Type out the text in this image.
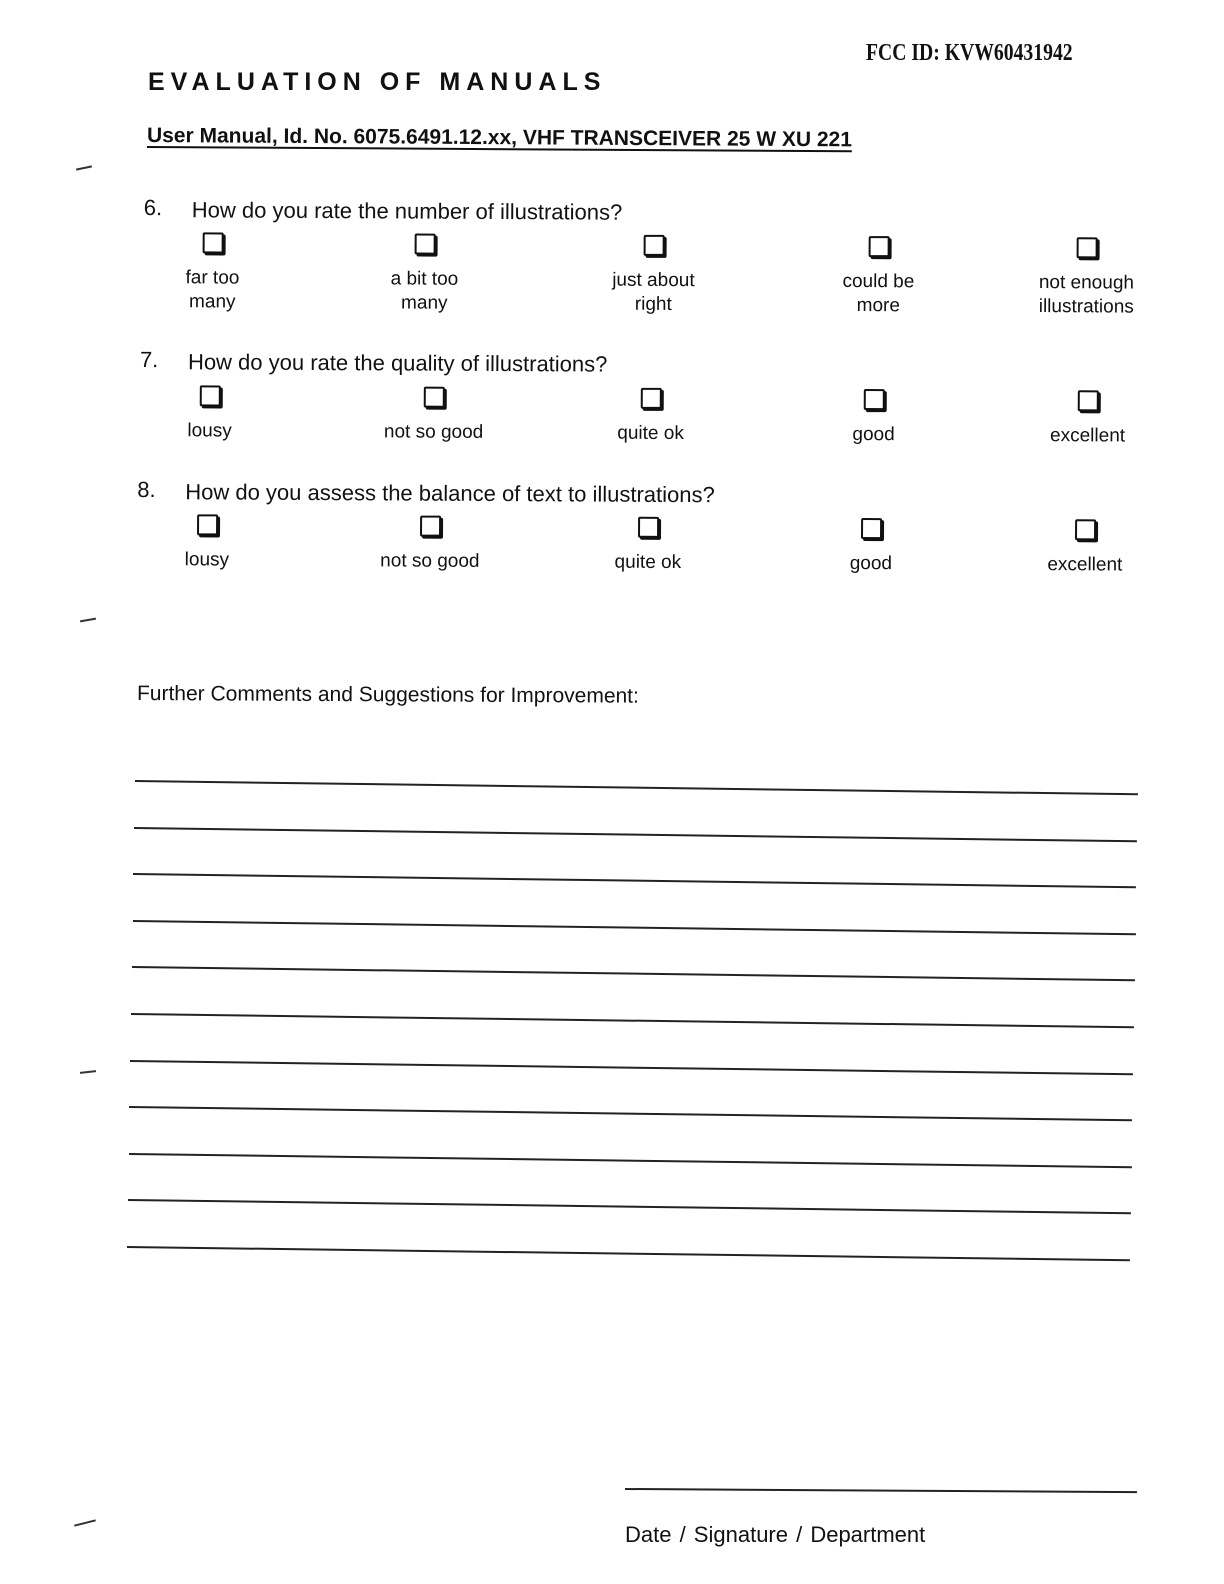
FCC ID: KVW60431942
EVALUATION OF MANUALS
User Manual, Id. No. 6075.6491.12.xx, VHF TRANSCEIVER 25 W XU 221
6. How do you rate the number of illustrations?
far too
many
a bit too
many
just about
right
could be
more
not enough
illustrations
7. How do you rate the quality of illustrations?
lousy	not so good	quite ok	good	excellent
8. How do you assess the balance of text to illustrations?
lousy	not so good	quite ok	good	excellent
Further Comments and Suggestions for Improvement:
Date / Signature / Department
